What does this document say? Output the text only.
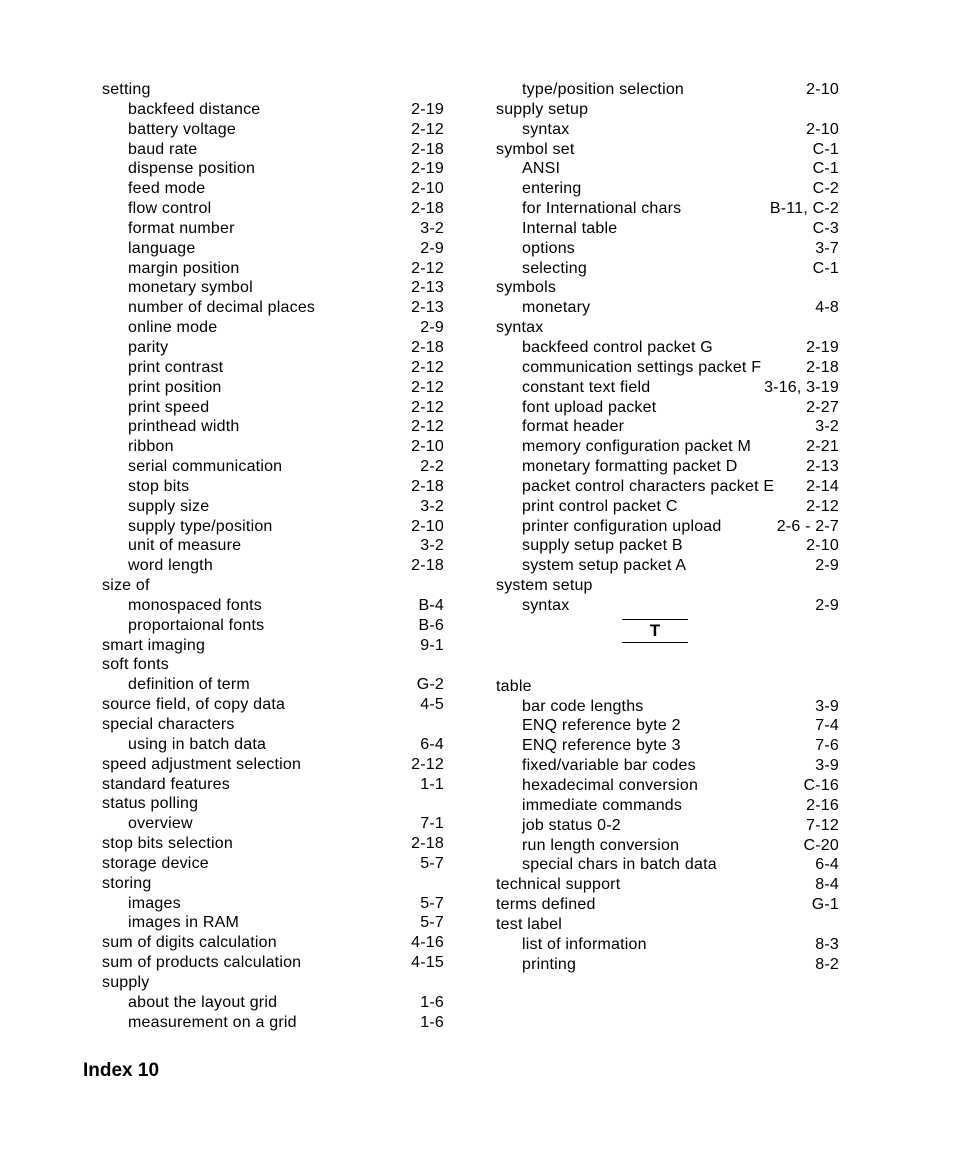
setting
backfeed distance	2-19
battery voltage	2-12
baud rate	2-18
dispense position	2-19
feed mode	2-10
flow control	2-18
format number	3-2
language	2-9
margin position	2-12
monetary symbol	2-13
number of decimal places	2-13
online mode	2-9
parity	2-18
print contrast	2-12
print position	2-12
print speed	2-12
printhead width	2-12
ribbon	2-10
serial communication	2-2
stop bits	2-18
supply size	3-2
supply type/position	2-10
unit of measure	3-2
word length	2-18
size of
monospaced fonts	B-4
proportaional fonts	B-6
smart imaging	9-1
soft fonts
definition of term	G-2
source field, of copy data	4-5
special characters
using in batch data	6-4
speed adjustment selection	2-12
standard features	1-1
status polling
overview	7-1
stop bits selection	2-18
storage device	5-7
storing
images	5-7
images in RAM	5-7
sum of digits calculation	4-16
sum of products calculation	4-15
supply
about the layout grid	1-6
measurement on a grid	1-6
type/position selection	2-10
supply setup
syntax	2-10
symbol set	C-1
ANSI	C-1
entering	C-2
for International chars	B-11, C-2
Internal table	C-3
options	3-7
selecting	C-1
symbols
monetary	4-8
syntax
backfeed control packet G	2-19
communication settings packet F	2-18
constant text field	3-16, 3-19
font upload packet	2-27
format header	3-2
memory configuration packet M	2-21
monetary formatting packet D	2-13
packet control characters packet E 2-14
print control packet C	2-12
printer configuration upload	2-6 - 2-7
supply setup packet B	2-10
system setup packet A	2-9
system setup
syntax	2-9
T
table
bar code lengths	3-9
ENQ reference byte 2	7-4
ENQ reference byte 3	7-6
fixed/variable bar codes	3-9
hexadecimal conversion	C-16
immediate commands	2-16
job status 0-2	7-12
run length conversion	C-20
special chars in batch data	6-4
technical support	8-4
terms defined	G-1
test label
list of information	8-3
printing	8-2
Index 10
